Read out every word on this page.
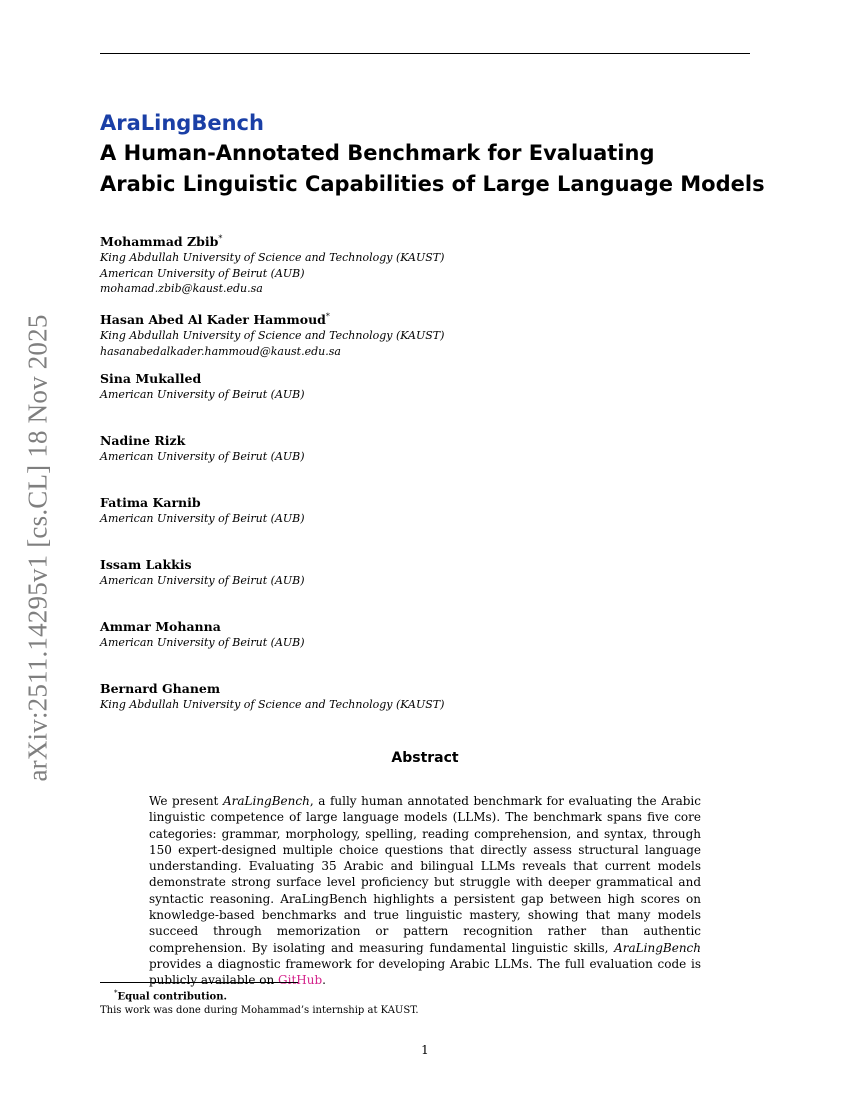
arXiv:2511.14295v1 [cs.CL] 18 Nov 2025
AraLingBench
A Human-Annotated Benchmark for Evaluating
Arabic Linguistic Capabilities of Large Language Models
Mohammad Zbib*
King Abdullah University of Science and Technology (KAUST)
American University of Beirut (AUB)
mohamad.zbib@kaust.edu.sa
Hasan Abed Al Kader Hammoud*
King Abdullah University of Science and Technology (KAUST)
hasanabedalkader.hammoud@kaust.edu.sa
Sina Mukalled
American University of Beirut (AUB)
Nadine Rizk
American University of Beirut (AUB)
Fatima Karnib
American University of Beirut (AUB)
Issam Lakkis
American University of Beirut (AUB)
Ammar Mohanna
American University of Beirut (AUB)
Bernard Ghanem
King Abdullah University of Science and Technology (KAUST)
Abstract
We present AraLingBench, a fully human annotated benchmark for evaluating the Arabic linguistic competence of large language models (LLMs). The benchmark spans five core categories: grammar, morphology, spelling, reading comprehension, and syntax, through 150 expert-designed multiple choice questions that directly assess structural language understanding. Evaluating 35 Arabic and bilingual LLMs reveals that current models demonstrate strong surface level proficiency but struggle with deeper grammatical and syntactic reasoning. AraLingBench highlights a persistent gap between high scores on knowledge-based benchmarks and true linguistic mastery, showing that many models succeed through memorization or pattern recognition rather than authentic comprehension. By isolating and measuring fundamental linguistic skills, AraLingBench provides a diagnostic framework for developing Arabic LLMs. The full evaluation code is publicly available on GitHub.
*Equal contribution.
This work was done during Mohammad’s internship at KAUST.
1
